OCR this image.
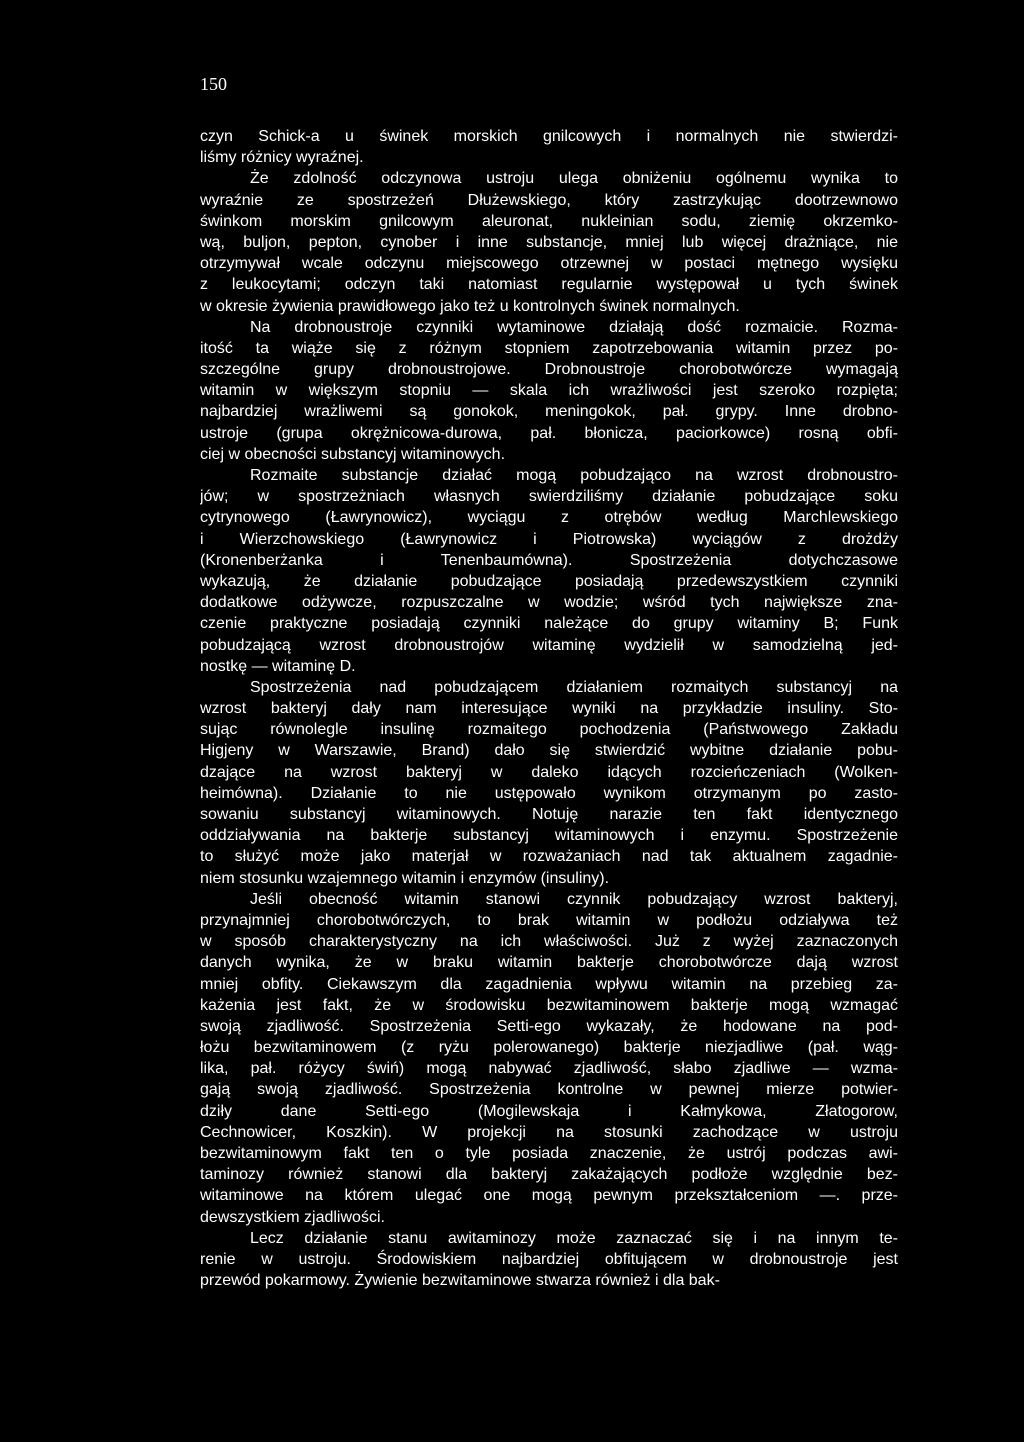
150
czyn Schick-a u świnek morskich gnilcowych i normalnych nie stwierdzi-
liśmy różnicy wyraźnej.
Że zdolność odczynowa ustroju ulega obniżeniu ogólnemu wynika to
wyraźnie ze spostrzeżeń Dłużewskiego, który zastrzykując dootrzewnowo
świnkom morskim gnilcowym aleuronat, nukleinian sodu, ziemię okrzemko-
wą, buljon, pepton, cynober i inne substancje, mniej lub więcej drażniące, nie
otrzymywał wcale odczynu miejscowego otrzewnej w postaci mętnego wysięku
z leukocytami; odczyn taki natomiast regularnie występował u tych świnek
w okresie żywienia prawidłowego jako też u kontrolnych świnek normalnych.
Na drobnoustroje czynniki wytaminowe działają dość rozmaicie. Rozma-
itość ta wiąże się z różnym stopniem zapotrzebowania witamin przez po-
szczególne grupy drobnoustrojowe. Drobnoustroje chorobotwórcze wymagają
witamin w większym stopniu — skala ich wrażliwości jest szeroko rozpięta;
najbardziej wrażliwemi są gonokok, meningokok, pał. grypy. Inne drobno-
ustroje (grupa okrężnicowa-durowa, pał. błonicza, paciorkowce) rosną obfi-
ciej w obecności substancyj witaminowych.
Rozmaite substancje działać mogą pobudzająco na wzrost drobnoustro-
jów; w spostrzeżniach własnych swierdziliśmy działanie pobudzające soku
cytrynowego (Ławrynowicz), wyciągu z otrębów według Marchlewskiego
i Wierzchowskiego (Ławrynowicz i Piotrowska) wyciągów z drożdży
(Kronenberżanka i Tenenbaumówna). Spostrzeżenia dotychczasowe
wykazują, że działanie pobudzające posiadają przedewszystkiem czynniki
dodatkowe odżywcze, rozpuszczalne w wodzie; wśród tych największe zna-
czenie praktyczne posiadają czynniki należące do grupy witaminy B; Funk
pobudzającą wzrost drobnoustrojów witaminę wydzielił w samodzielną jed-
nostkę — witaminę D.
Spostrzeżenia nad pobudzającem działaniem rozmaitych substancyj na
wzrost bakteryj dały nam interesujące wyniki na przykładzie insuliny. Sto-
sując równolegle insulinę rozmaitego pochodzenia (Państwowego Zakładu
Higjeny w Warszawie, Brand) dało się stwierdzić wybitne działanie pobu-
dzające na wzrost bakteryj w daleko idących rozcieńczeniach (Wolken-
heimówna). Działanie to nie ustępowało wynikom otrzymanym po zasto-
sowaniu substancyj witaminowych. Notuję narazie ten fakt identycznego
oddziaływania na bakterje substancyj witaminowych i enzymu. Spostrzeżenie
to służyć może jako materjał w rozważaniach nad tak aktualnem zagadnie-
niem stosunku wzajemnego witamin i enzymów (insuliny).
Jeśli obecność witamin stanowi czynnik pobudzający wzrost bakteryj,
przynajmniej chorobotwórczych, to brak witamin w podłożu odziaływa też
w sposób charakterystyczny na ich właściwości. Już z wyżej zaznaczonych
danych wynika, że w braku witamin bakterje chorobotwórcze dają wzrost
mniej obfity. Ciekawszym dla zagadnienia wpływu witamin na przebieg za-
każenia jest fakt, że w środowisku bezwitaminowem bakterje mogą wzmagać
swoją zjadliwość. Spostrzeżenia Setti-ego wykazały, że hodowane na pod-
łożu bezwitaminowem (z ryżu polerowanego) bakterje niezjadliwe (pał. wąg-
lika, pał. różycy świń) mogą nabywać zjadliwość, słabo zjadliwe — wzma-
gają swoją zjadliwość. Spostrzeżenia kontrolne w pewnej mierze potwier-
dziły dane Setti-ego (Mogilewskaja i Kałmykowa, Złatogorow,
Cechnowicer, Koszkin). W projekcji na stosunki zachodzące w ustroju
bezwitaminowym fakt ten o tyle posiada znaczenie, że ustrój podczas awi-
taminozy również stanowi dla bakteryj zakażających podłoże względnie bez-
witaminowe na którem ulegać one mogą pewnym przekształceniom —. prze-
dewszystkiem zjadliwości.
Lecz działanie stanu awitaminozy może zaznaczać się i na innym te-
renie w ustroju. Środowiskiem najbardziej obfitującem w drobnoustroje jest
przewód pokarmowy. Żywienie bezwitaminowe stwarza również i dla bak-
